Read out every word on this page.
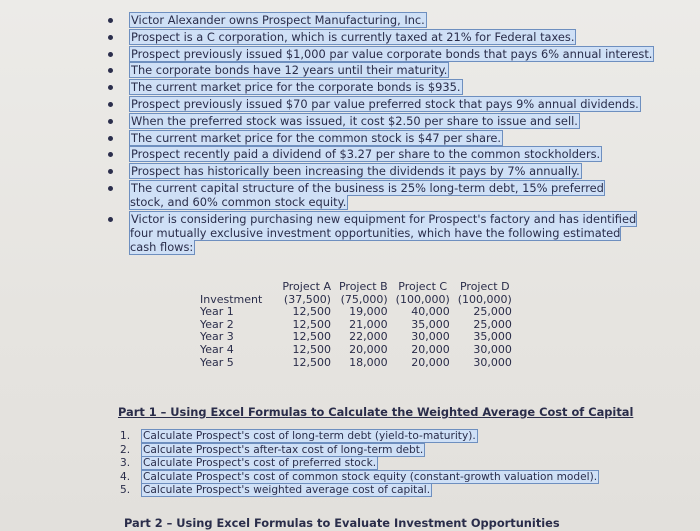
Victor Alexander owns Prospect Manufacturing, Inc.
Prospect is a C corporation, which is currently taxed at 21% for Federal taxes.
Prospect previously issued $1,000 par value corporate bonds that pays 6% annual interest.
The corporate bonds have 12 years until their maturity.
The current market price for the corporate bonds is $935.
Prospect previously issued $70 par value preferred stock that pays 9% annual dividends.
When the preferred stock was issued, it cost $2.50 per share to issue and sell.
The current market price for the common stock is $47 per share.
Prospect recently paid a dividend of $3.27 per share to the common stockholders.
Prospect has historically been increasing the dividends it pays by 7% annually.
The current capital structure of the business is 25% long-term debt, 15% preferred stock, and 60% common stock equity.
Victor is considering purchasing new equipment for Prospect's factory and has identified four mutually exclusive investment opportunities, which have the following estimated cash flows:
	Project A	Project B	Project C	Project D
Investment	(37,500)	(75,000)	(100,000)	(100,000)
Year 1	12,500	19,000	40,000	25,000
Year 2	12,500	21,000	35,000	25,000
Year 3	12,500	22,000	30,000	35,000
Year 4	12,500	20,000	20,000	30,000
Year 5	12,500	18,000	20,000	30,000
Part 1 – Using Excel Formulas to Calculate the Weighted Average Cost of Capital
1. Calculate Prospect's cost of long-term debt (yield-to-maturity).
2. Calculate Prospect's after-tax cost of long-term debt.
3. Calculate Prospect's cost of preferred stock.
4. Calculate Prospect's cost of common stock equity (constant-growth valuation model).
5. Calculate Prospect's weighted average cost of capital.
Part 2 – Using Excel Formulas to Evaluate Investment Opportunities
